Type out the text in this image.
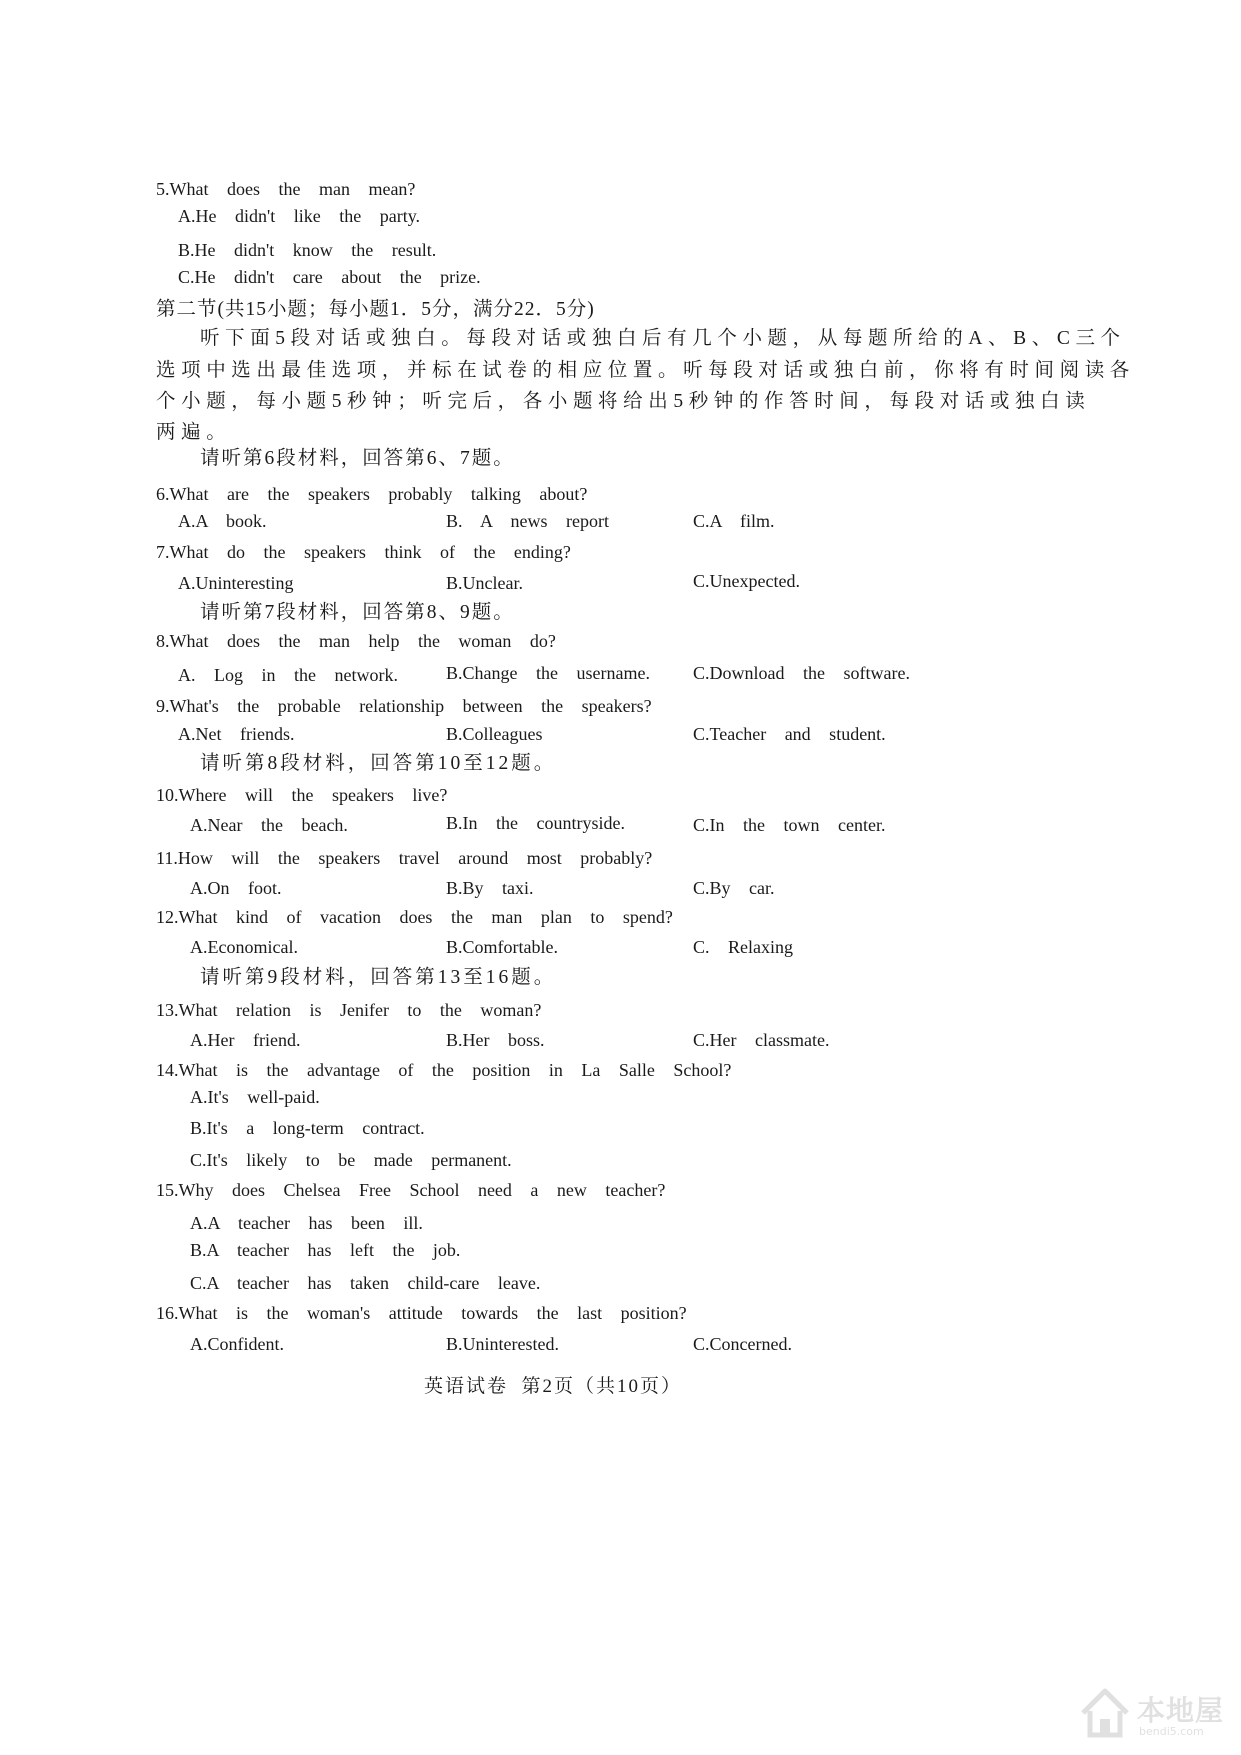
5.What does the man mean?
A.He didn't like the party.
B.He didn't know the result.
C.He didn't care about the prize.
第二节(共15小题；每小题1．5分，满分22．5分)
听下面5段对话或独白。每段对话或独白后有几个小题，从每题所给的A、B、C三个
选项中选出最佳选项，并标在试卷的相应位置。听每段对话或独白前，你将有时间阅读各
个小题，每小题5秒钟；听完后，各小题将给出5秒钟的作答时间，每段对话或独白读
两遍。
请听第6段材料，回答第6、7题。
6.What are the speakers probably talking about?
A.A book.	B. A news report	C.A film.
7.What do the speakers think of the ending?
A.Uninteresting	B.Unclear.	C.Unexpected.
请听第7段材料，回答第8、9题。
8.What does the man help the woman do?
A. Log in the network.	B.Change the username. C.Download the software.
9.What's the probable relationship between the speakers?
A.Net friends.	B.Colleagues	C.Teacher and student.
请听第8段材料，回答第10至12题。
10.Where will the speakers live?
A.Near the beach.	B.In the countryside.	C.In the town center.
11.How will the speakers travel around most probably?
A.On foot.	B.By taxi.	C.By car.
12.What kind of vacation does the man plan to spend?
A.Economical.	B.Comfortable.	C. Relaxing
请听第9段材料，回答第13至16题。
13.What relation is Jenifer to the woman?
A.Her friend.	B.Her boss.	C.Her classmate.
14.What is the advantage of the position in La Salle School?
A.It's well-paid.
B.It's a long-term contract.
C.It's likely to be made permanent.
15.Why does Chelsea Free School need a new teacher?
A.A teacher has been ill.
B.A teacher has left the job.
C.A teacher has taken child-care leave.
16.What is the woman's attitude towards the last position?
A.Confident.	B.Uninterested.	C.Concerned.
英语试卷  第2页（共10页）
本地屋
bendi5.com
